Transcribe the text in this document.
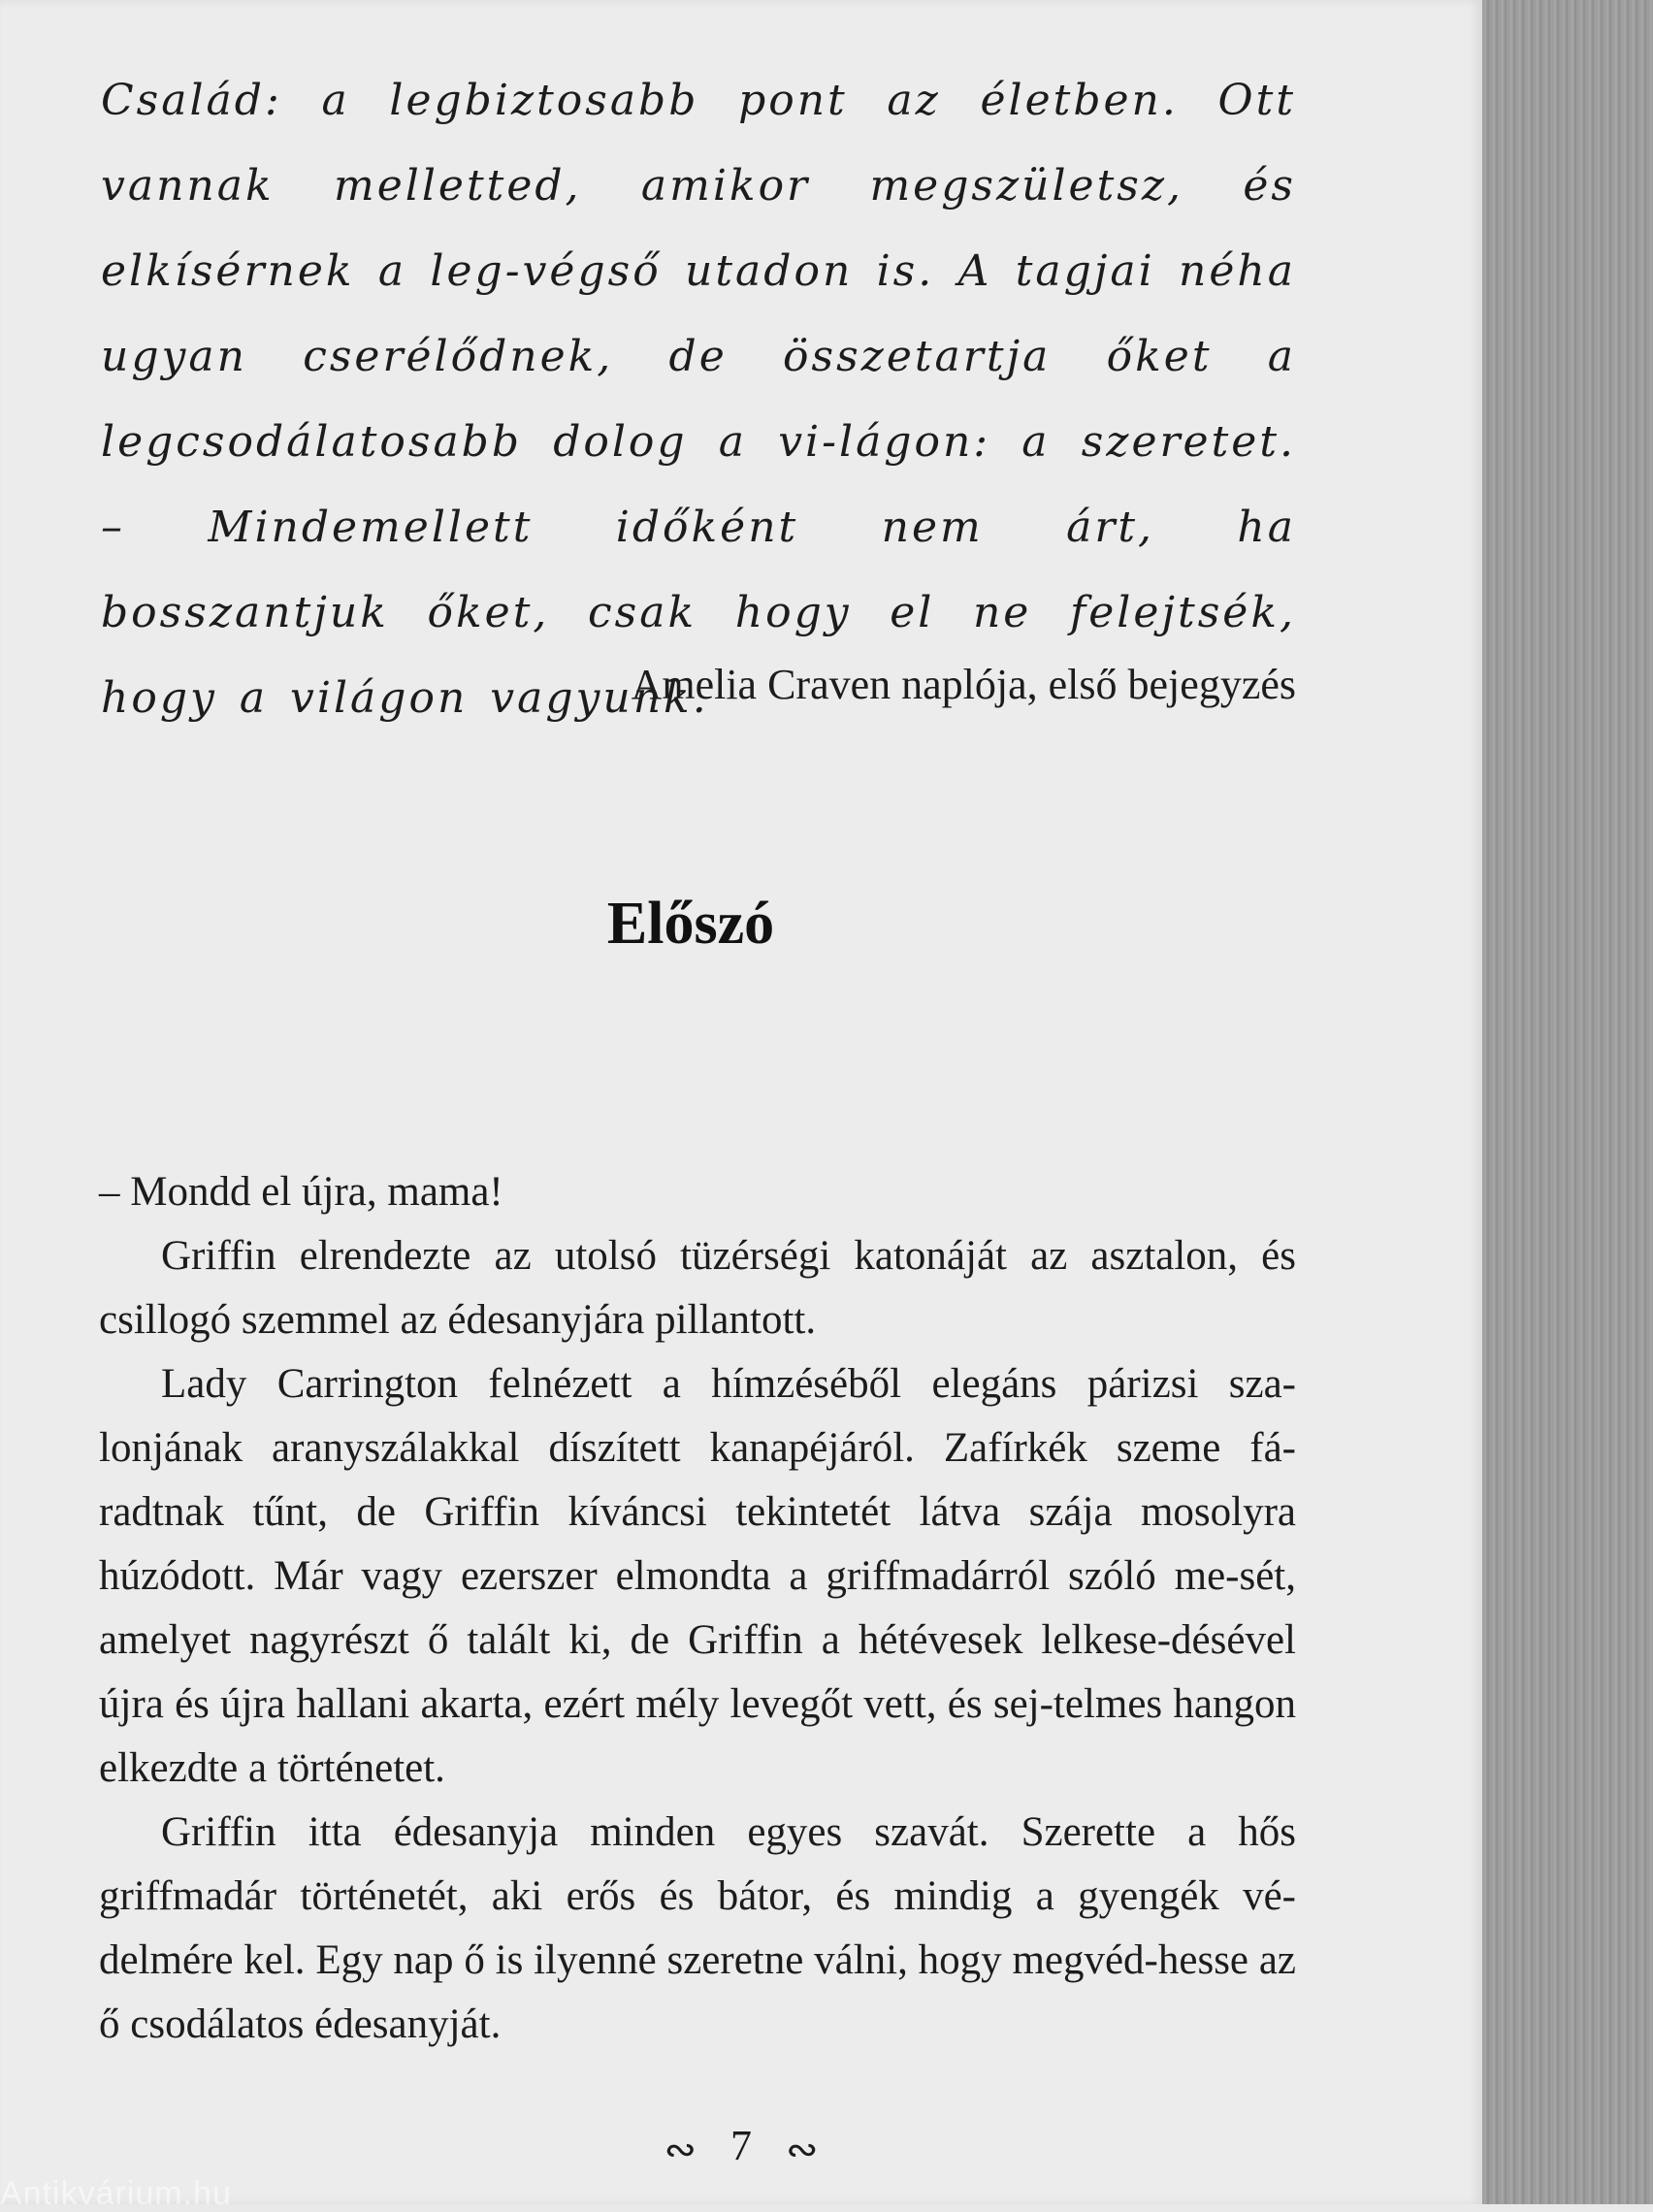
Család: a legbiztosabb pont az életben. Ott vannak melletted, amikor megszületsz, és elkísérnek a leg-végső utadon is. A tagjai néha ugyan cserélődnek, de összetartja őket a legcsodálatosabb dolog a vi-lágon: a szeretet. – Mindemellett időként nem árt, ha bosszantjuk őket, csak hogy el ne felejtsék, hogy a világon vagyunk.

Amelia Craven naplója, első bejegyzés

Előszó

– Mondd el újra, mama!

Griffin elrendezte az utolsó tüzérségi katonáját az asztalon, és csillogó szemmel az édesanyjára pillantott.

Lady Carrington felnézett a hímzéséből elegáns párizsi sza-lonjának aranyszálakkal díszített kanapéjáról. Zafírkék szeme fá-radtnak tűnt, de Griffin kíváncsi tekintetét látva szája mosolyra húzódott. Már vagy ezerszer elmondta a griffmadárról szóló me-sét, amelyet nagyrészt ő talált ki, de Griffin a hétévesek lelkese-désével újra és újra hallani akarta, ezért mély levegőt vett, és sej-telmes hangon elkezdte a történetet.

Griffin itta édesanyja minden egyes szavát. Szerette a hős griffmadár történetét, aki erős és bátor, és mindig a gyengék vé-delmére kel. Egy nap ő is ilyenné szeretne válni, hogy megvéd-hesse az ő csodálatos édesanyját.

∾ 7 ∾

Antikvárium.hu
